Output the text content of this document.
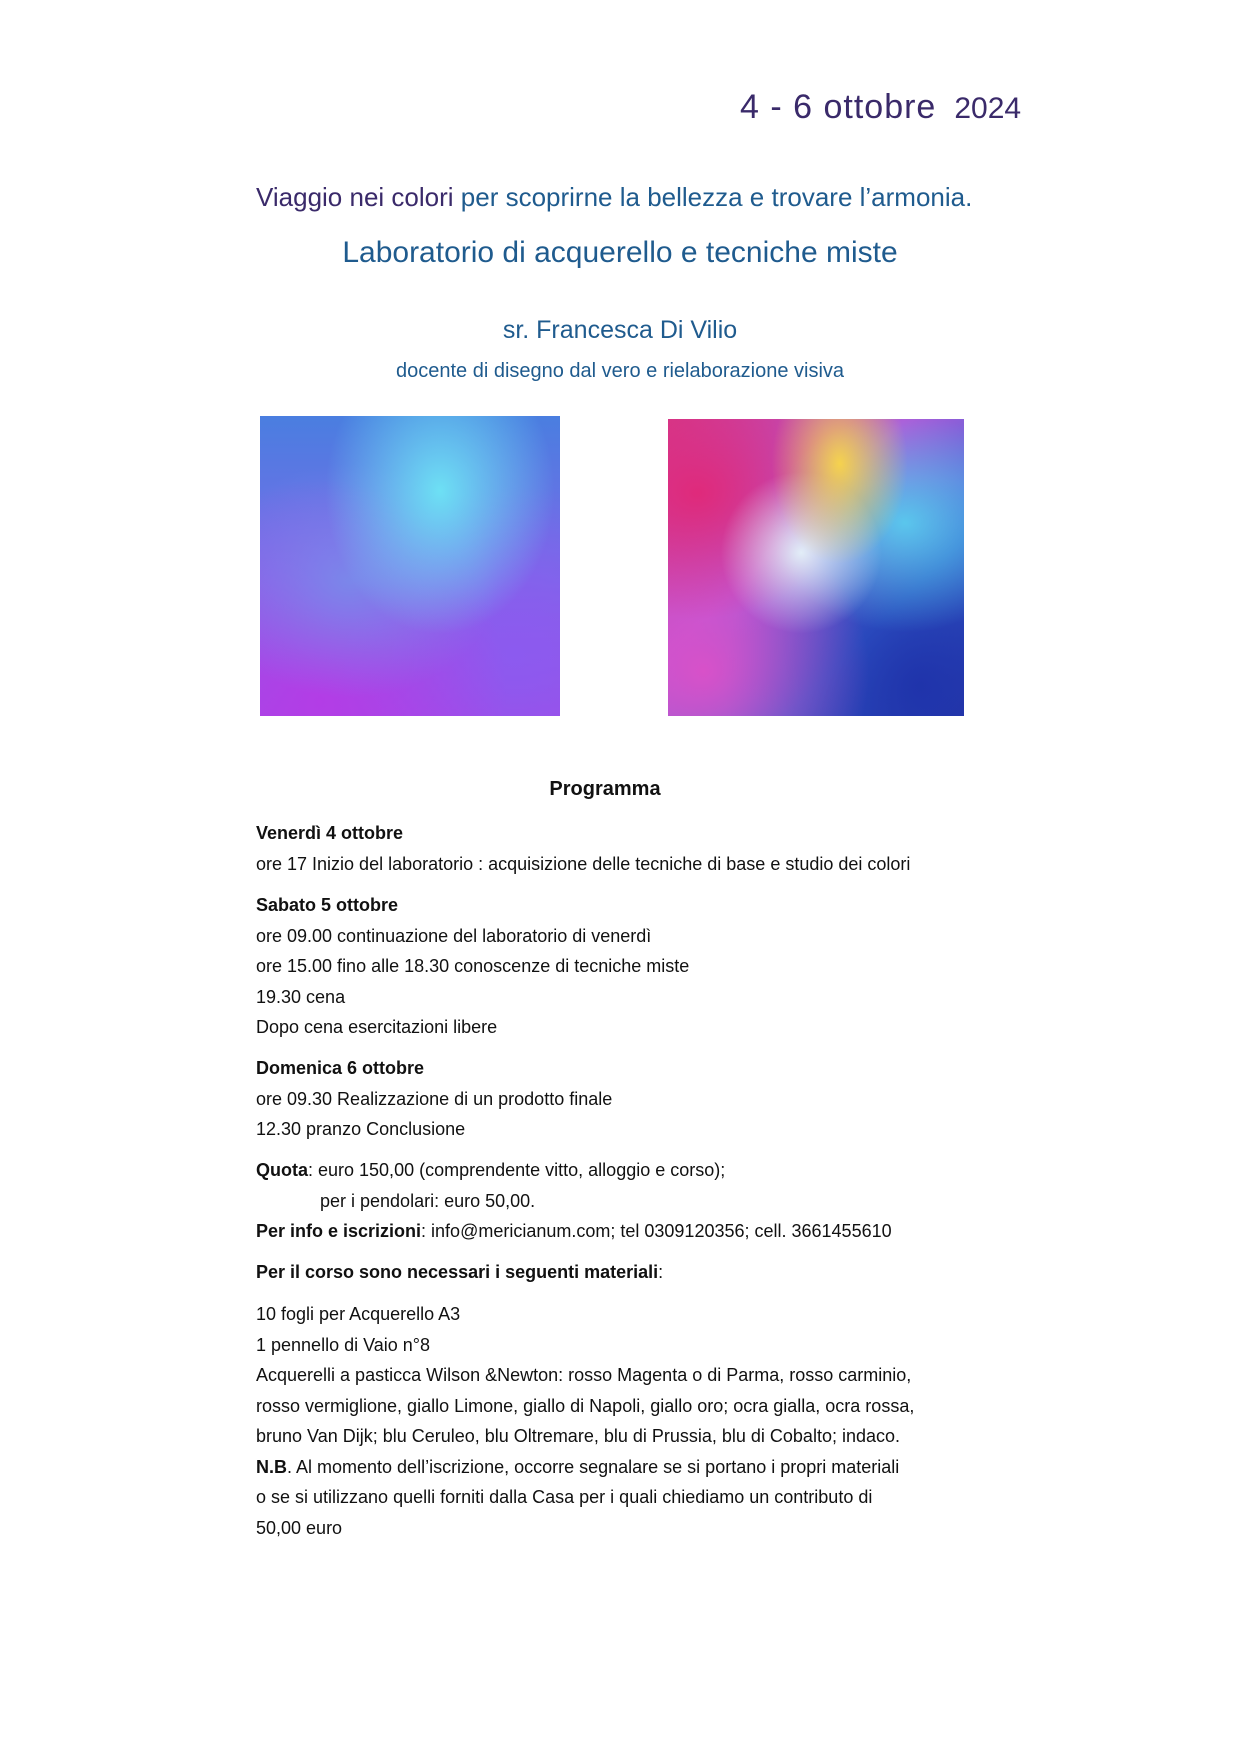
4 - 6 ottobre 2024
Viaggio nei colori per scoprirne la bellezza e trovare l’armonia.
Laboratorio di acquerello e tecniche miste
sr. Francesca Di Vilio
docente di disegno dal vero e rielaborazione visiva
Programma
Venerdì 4 ottobre
ore 17 Inizio del laboratorio : acquisizione delle tecniche di base e studio dei colori
Sabato 5 ottobre
ore 09.00 continuazione del laboratorio di venerdì
ore 15.00 fino alle 18.30 conoscenze di tecniche miste
19.30 cena
Dopo cena esercitazioni libere
Domenica 6 ottobre
ore 09.30 Realizzazione di un prodotto finale
12.30 pranzo Conclusione
Quota: euro 150,00 (comprendente vitto, alloggio e corso);
per i pendolari: euro 50,00.
Per info e iscrizioni: info@mericianum.com; tel 0309120356; cell. 3661455610
Per il corso sono necessari i seguenti materiali:
10 fogli per Acquerello A3
1 pennello di Vaio n°8
Acquerelli a pasticca Wilson &Newton: rosso Magenta o di Parma, rosso carminio,
rosso vermiglione, giallo Limone, giallo di Napoli, giallo oro; ocra gialla, ocra rossa,
bruno Van Dijk; blu Ceruleo, blu Oltremare, blu di Prussia, blu di Cobalto; indaco.
N.B. Al momento dell’iscrizione, occorre segnalare se si portano i propri materiali
o se si utilizzano quelli forniti dalla Casa per i quali chiediamo un contributo di
50,00 euro
